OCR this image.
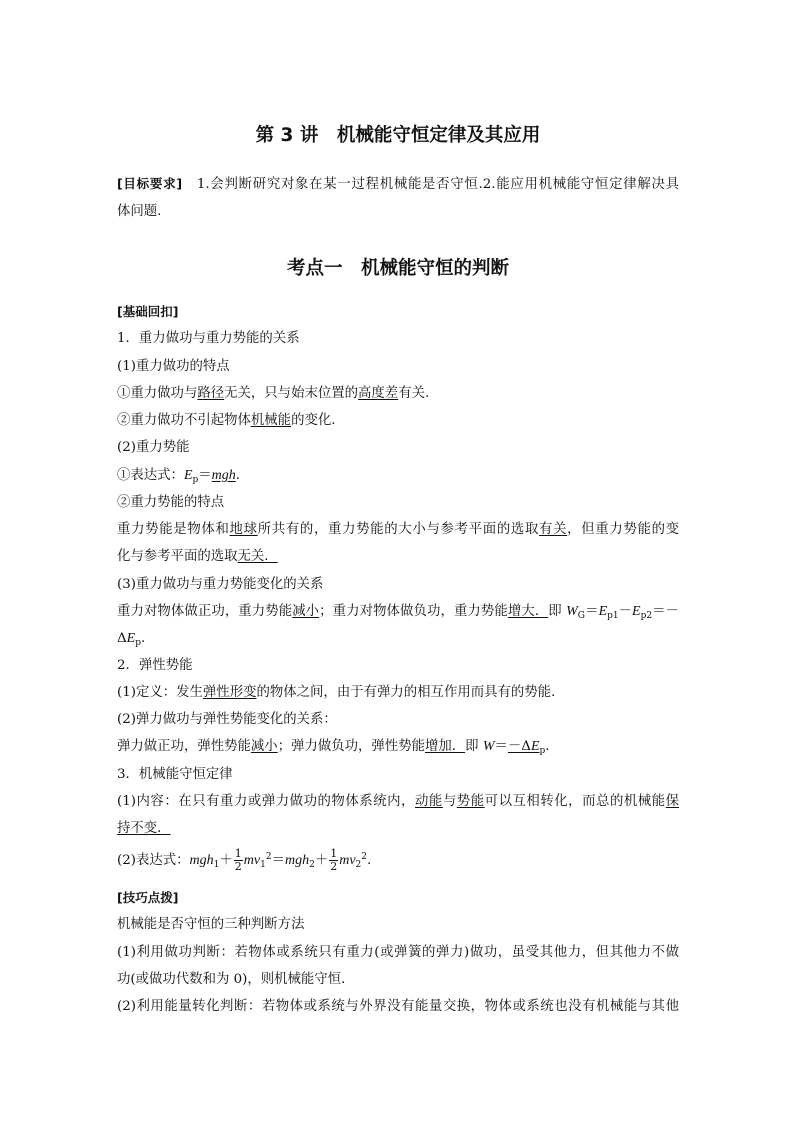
第 3 讲　机械能守恒定律及其应用
[目标要求]　1.会判断研究对象在某一过程机械能是否守恒.2.能应用机械能守恒定律解决具
体问题.
考点一　机械能守恒的判断
[基础回扣]
1．重力做功与重力势能的关系
(1)重力做功的特点
①重力做功与路径无关，只与始末位置的高度差有关.
②重力做功不引起物体机械能的变化.
(2)重力势能
①表达式：$E_p=mgh$.
②重力势能的特点
重力势能是物体和地球所共有的，重力势能的大小与参考平面的选取有关，但重力势能的变
化与参考平面的选取无关．
(3)重力做功与重力势能变化的关系
重力对物体做正功，重力势能减小；重力对物体做负功，重力势能增大．即 $W_G=E_{p1}-E_{p2}=-$
$\Delta E_p$.
2．弹性势能
(1)定义：发生弹性形变的物体之间，由于有弹力的相互作用而具有的势能．
(2)弹力做功与弹性势能变化的关系：
弹力做正功，弹性势能减小；弹力做负功，弹性势能增加．即 $W=-\Delta E_p$.
3．机械能守恒定律
(1)内容：在只有重力或弹力做功的物体系统内，动能与势能可以互相转化，而总的机械能保
持不变．
(2)表达式：$mgh_1+ \frac{1}{2} mv_1^2=mgh_2+ \frac{1}{2} mv_2^2$.
[技巧点拨]
机械能是否守恒的三种判断方法
(1)利用做功判断：若物体或系统只有重力(或弹簧的弹力)做功，虽受其他力，但其他力不做
功(或做功代数和为 0)，则机械能守恒．
(2)利用能量转化判断：若物体或系统与外界没有能量交换，物体或系统也没有机械能与其他
